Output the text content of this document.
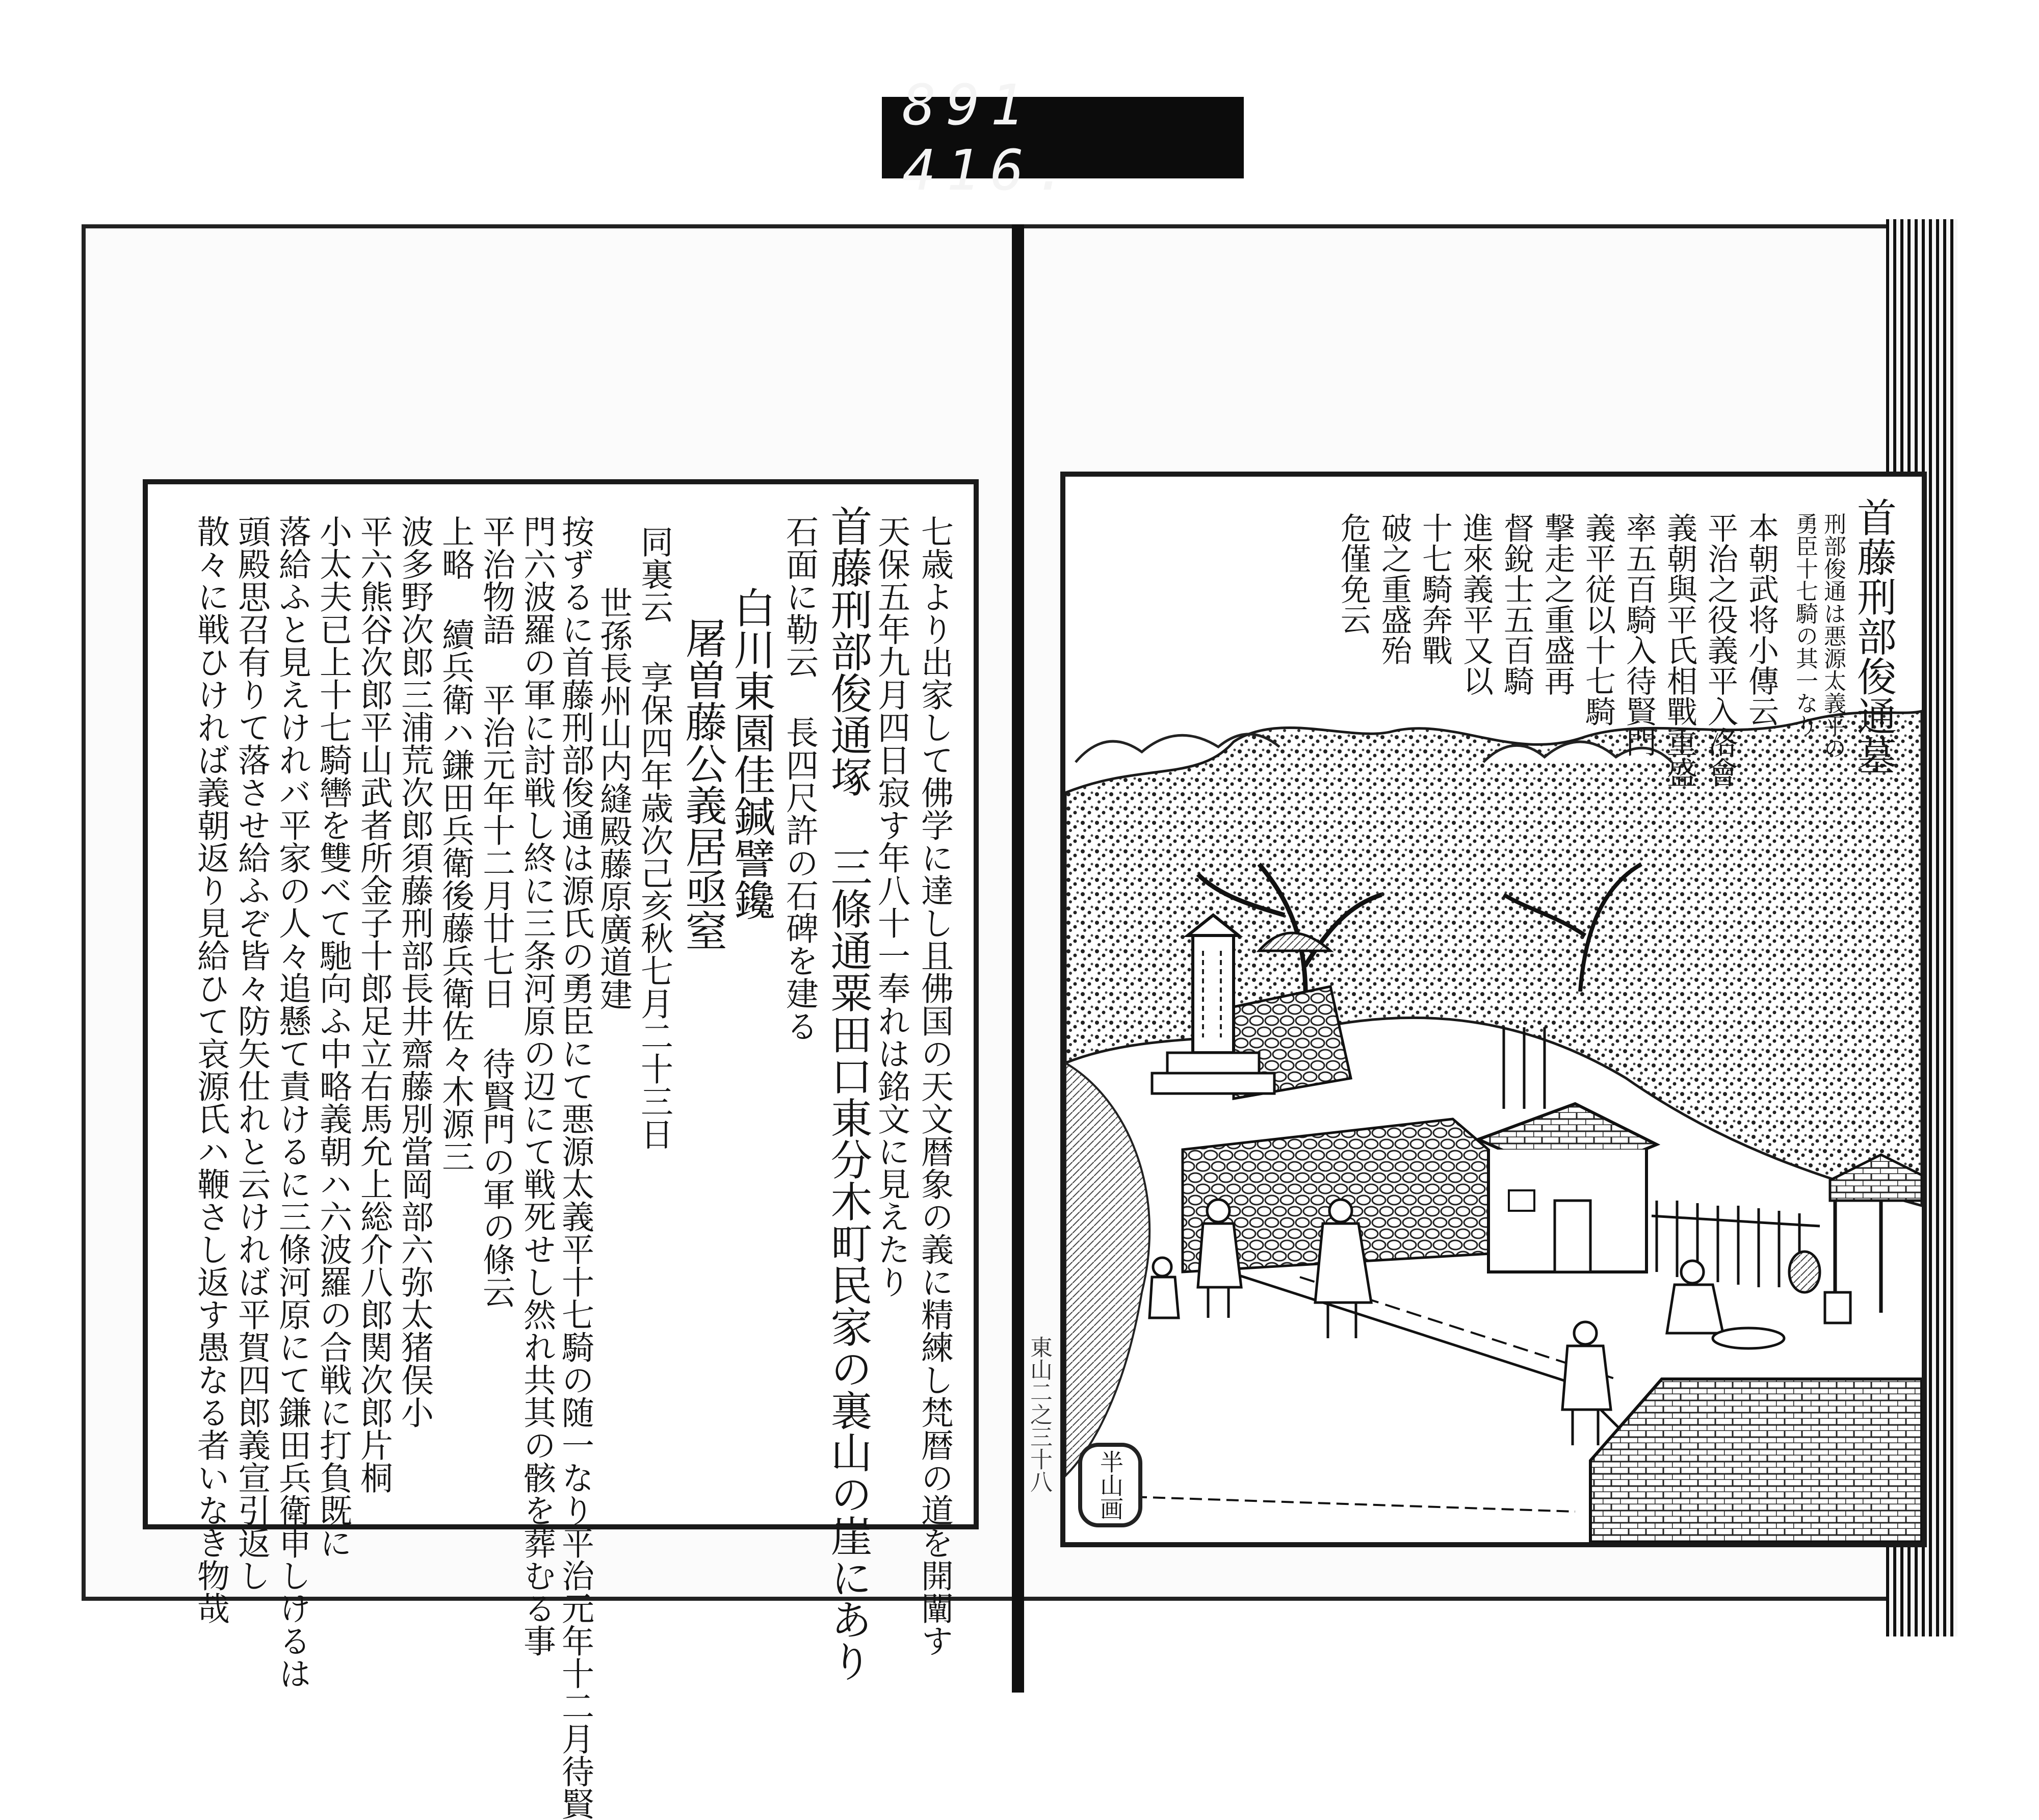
891 416.
七歳より出家して佛学に達し且佛国の天文暦象の義に精練し梵暦の道を開闡す
天保五年九月四日寂す年八十一奉れは銘文に見えたり
首藤刑部俊通塚 三條通粟田口東分木町民家の裏山の崖にあり
石面に勒云 長四尺許の石碑を建る
白川東園佳鍼譬鑱
屠曽藤公義居亟窒
同裏云 享保四年歳次己亥秋七月二十三日
世孫長州山内縫殿藤原廣道建
按ずるに首藤刑部俊通は源氏の勇臣にて悪源太義平十七騎の随一なり平治元年十二月待賢
門六波羅の軍に討戦し終に三条河原の辺にて戦死せし然れ共其の骸を葬むる事
平治物語 平治元年十二月廿七日 待賢門の軍の條云
上略 續兵衛ハ鎌田兵衛後藤兵衛佐々木源三
波多野次郎三浦荒次郎須藤刑部長井齋藤別當岡部六弥太猪俣小
平六熊谷次郎平山武者所金子十郎足立右馬允上総介八郎関次郎片桐
小太夫已上十七騎轡を雙べて馳向ふ中略義朝ハ六波羅の合戦に打負既に
落給ふと見えけれバ平家の人々追懸て責けるに三條河原にて鎌田兵衛申しけるは
頭殿思召有りて落させ給ふぞ皆々防矢仕れと云ければ平賀四郎義宣引返し
散々に戦ひければ義朝返り見給ひて哀源氏ハ鞭さし返す愚なる者いなき物哉	首藤刑部俊通墓
刑部俊通は悪源太義平の
勇臣十七騎の其一なり
本朝武将小傳云
平治之役義平入洛會
義朝與平氏相戰重盛
率五百騎入待賢門
義平従以十七騎
撃走之重盛再
督銳士五百騎
進來義平又以
十七騎奔戰
破之重盛殆
危僅免云
半山画
東山二之三十八
